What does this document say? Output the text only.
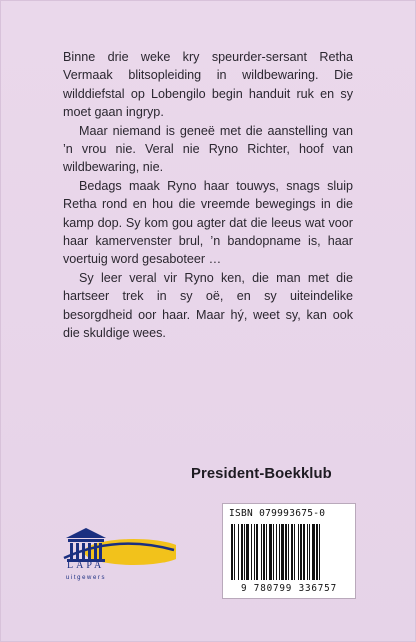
Binne drie weke kry speurder-sersant Retha Vermaak blitsopleiding in wildbewaring. Die wilddiefstal op Lobengilo begin handuit ruk en sy moet gaan ingryp.

Maar niemand is geneë met die aanstelling van ’n vrou nie. Veral nie Ryno Richter, hoof van wildbewaring, nie.

Bedags maak Ryno haar touwys, snags sluip Retha rond en hou die vreemde bewegings in die kamp dop. Sy kom gou agter dat die leeus wat voor haar kamervenster brul, ’n bandopname is, haar voertuig word gesaboteer …

Sy leer veral vir Ryno ken, die man met die hartseer trek in sy oë, en sy uiteindelike besorgdheid oor haar. Maar hý, weet sy, kan ook die skuldige wees.

President-Boekklub
LAPA
uitgewers
ISBN 079993675-0
9 780799 336757
